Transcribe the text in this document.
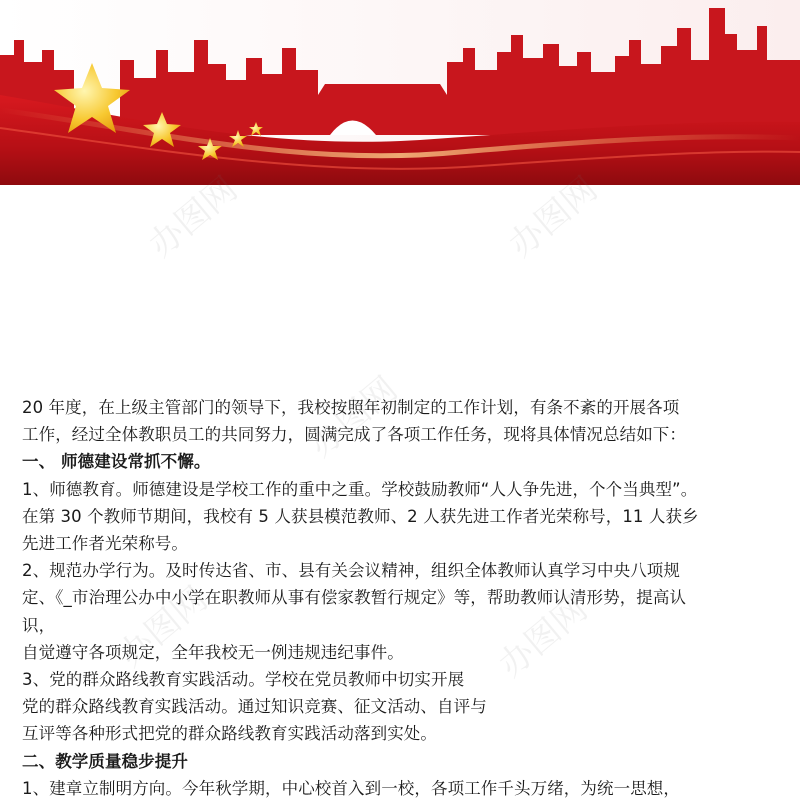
办图网	办图网
办图网
办图网	办图网

20 年度，在上级主管部门的领导下，我校按照年初制定的工作计划，有条不紊的开展各项

工作，经过全体教职员工的共同努力，圆满完成了各项工作任务，现将具体情况总结如下：

一、 师德建设常抓不懈。

1、师德教育。师德建设是学校工作的重中之重。学校鼓励教师“人人争先进，个个当典型”。

在第 30 个教师节期间，我校有 5 人获县模范教师、2 人获先进工作者光荣称号，11 人获乡

先进工作者光荣称号。

2、规范办学行为。及时传达省、市、县有关会议精神，组织全体教师认真学习中央八项规

定、《_市治理公办中小学在职教师从事有偿家教暂行规定》等，帮助教师认清形势，提高认

识，

自觉遵守各项规定，全年我校无一例违规违纪事件。

3、党的群众路线教育实践活动。学校在党员教师中切实开展

党的群众路线教育实践活动。通过知识竞赛、征文活动、自评与

互评等各种形式把党的群众路线教育实践活动落到实处。

二、教学质量稳步提升

1、建章立制明方向。今年秋学期，中心校首入到一校，各项工作千头万绪，为统一思想，
